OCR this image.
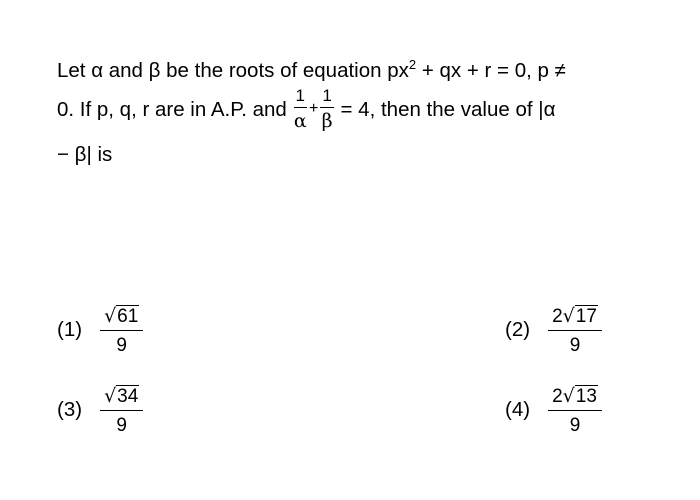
Let α and β be the roots of equation $px^2$ + qx + r = 0, p ≠
0. If p, q, r are in A.P. and $\frac{1}{\alpha} + \frac{1}{\beta} = 4$, then the value of |α
− β| is
$(1) \frac{√ 61}{9}$	$(2) \frac{2 √ 17}{9}$
$(3) \frac{√ 34}{9}$	$(4) \frac{2 √ 13}{9}$
